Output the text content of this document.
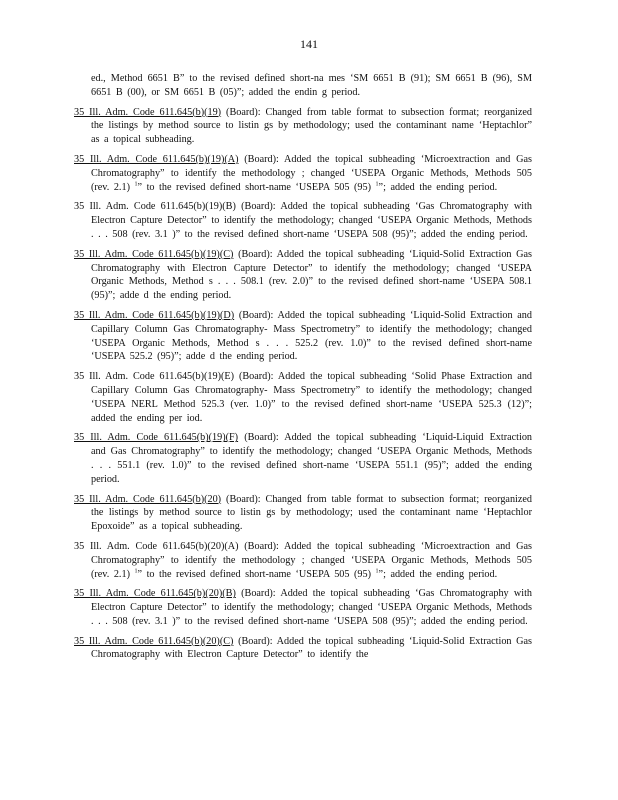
141
ed., Method 6651 B” to the revised defined short-na mes ‘SM 6651 B (91); SM 6651 B (96), SM 6651 B (00), or SM 6651 B (05)”; added the endin g period.
35 Ill. Adm. Code 611.645(b)(19) (Board): Changed from table format to subsection format; reorganized the listings by method source to listin gs by methodology; used the contaminant name ‘Heptachlor” as a topical subheading.
35 Ill. Adm. Code 611.645(b)(19)(A) (Board): Added the topical subheading ‘Microextraction and Gas Chromatography” to identify the methodology ; changed ‘USEPA Organic Methods, Methods 505 (rev. 2.1) $^1$” to the revised defined short-name ‘USEPA 505 (95) $^1$”; added the ending period.
35 Ill. Adm. Code 611.645(b)(19)(B) (Board): Added the topical subheading ‘Gas Chromatography with Electron Capture Detector” to identify the methodology; changed ‘USEPA Organic Methods, Methods . . . 508 (rev. 3.1 )” to the revised defined short-name ‘USEPA 508 (95)”; added the ending period.
35 Ill. Adm. Code 611.645(b)(19)(C) (Board): Added the topical subheading ‘Liquid-Solid Extraction Gas Chromatography with Electron Capture Detector” to identify the methodology; changed ‘USEPA Organic Methods, Method s . . . 508.1 (rev. 2.0)” to the revised defined short-name ‘USEPA 508.1 (95)”; adde d the ending period.
35 Ill. Adm. Code 611.645(b)(19)(D) (Board): Added the topical subheading ‘Liquid-Solid Extraction and Capillary Column Gas Chromatography- Mass Spectrometry” to identify the methodology; changed ‘USEPA Organic Methods, Method s . . . 525.2 (rev. 1.0)” to the revised defined short-name ‘USEPA 525.2 (95)”; adde d the ending period.
35 Ill. Adm. Code 611.645(b)(19)(E) (Board): Added the topical subheading ‘Solid Phase Extraction and Capillary Column Gas Chromatography- Mass Spectrometry” to identify the methodology; changed ‘USEPA NERL Method 525.3 (ver. 1.0)” to the revised defined short-name ‘USEPA 525.3 (12)”; added the ending per iod.
35 Ill. Adm. Code 611.645(b)(19)(F) (Board): Added the topical subheading ‘Liquid-Liquid Extraction and Gas Chromatography” to identify the methodology; changed ‘USEPA Organic Methods, Methods . . . 551.1 (rev. 1.0)” to the revised defined short-name ‘USEPA 551.1 (95)”; added the ending period.
35 Ill. Adm. Code 611.645(b)(20) (Board): Changed from table format to subsection format; reorganized the listings by method source to listin gs by methodology; used the contaminant name ‘Heptachlor Epoxoide” as a topical subheading.
35 Ill. Adm. Code 611.645(b)(20)(A) (Board): Added the topical subheading ‘Microextraction and Gas Chromatography” to identify the methodology ; changed ‘USEPA Organic Methods, Methods 505 (rev. 2.1) $^1$” to the revised defined short-name ‘USEPA 505 (95) $^1$”; added the ending period.
35 Ill. Adm. Code 611.645(b)(20)(B) (Board): Added the topical subheading ‘Gas Chromatography with Electron Capture Detector” to identify the methodology; changed ‘USEPA Organic Methods, Methods . . . 508 (rev. 3.1 )” to the revised defined short-name ‘USEPA 508 (95)”; added the ending period.
35 Ill. Adm. Code 611.645(b)(20)(C) (Board): Added the topical subheading ‘Liquid-Solid Extraction Gas Chromatography with Electron Capture Detector” to identify the
